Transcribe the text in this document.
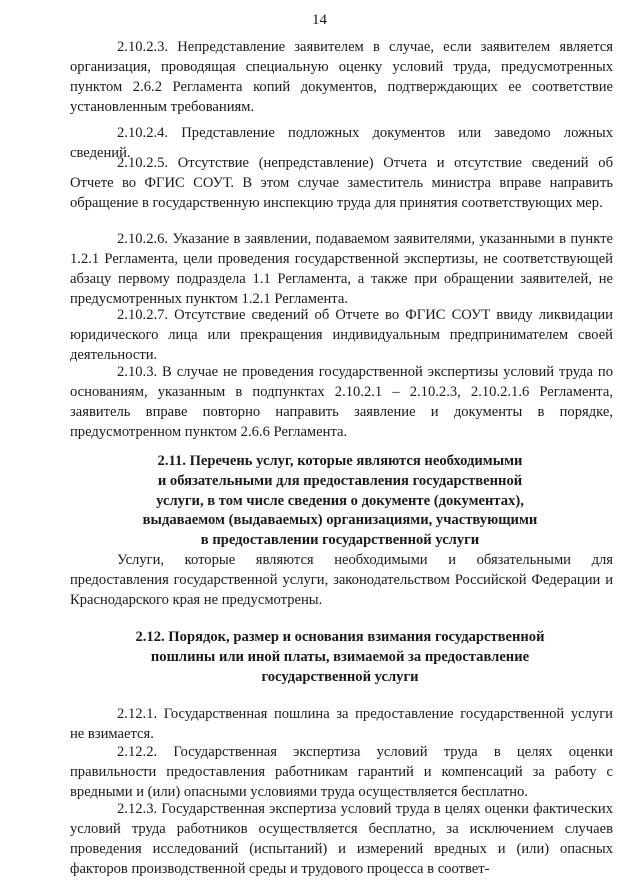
14

2.10.2.3. Непредставление заявителем в случае, если заявителем является организация, проводящая специальную оценку условий труда, предусмотренных пунктом 2.6.2 Регламента копий документов, подтверждающих ее соответствие установленным требованиям.

2.10.2.4. Представление подложных документов или заведомо ложных сведений.

2.10.2.5. Отсутствие (непредставление) Отчета и отсутствие сведений об Отчете во ФГИС СОУТ. В этом случае заместитель министра вправе направить обращение в государственную инспекцию труда для принятия соответствующих мер.

2.10.2.6. Указание в заявлении, подаваемом заявителями, указанными в пункте 1.2.1 Регламента, цели проведения государственной экспертизы, не соответствующей абзацу первому подраздела 1.1 Регламента, а также при обращении заявителей, не предусмотренных пунктом 1.2.1 Регламента.

2.10.2.7. Отсутствие сведений об Отчете во ФГИС СОУТ ввиду ликвидации юридического лица или прекращения индивидуальным предпринимателем своей деятельности.

2.10.3. В случае не проведения государственной экспертизы условий труда по основаниям, указанным в подпунктах 2.10.2.1 – 2.10.2.3, 2.10.2.1.6 Регламента, заявитель вправе повторно направить заявление и документы в порядке, предусмотренном пунктом 2.6.6 Регламента.

2.11. Перечень услуг, которые являются необходимыми
и обязательными для предоставления государственной
услуги, в том числе сведения о документе (документах),
выдаваемом (выдаваемых) организациями, участвующими
в предоставлении государственной услуги

Услуги, которые являются необходимыми и обязательными для предоставления государственной услуги, законодательством Российской Федерации и Краснодарского края не предусмотрены.

2.12. Порядок, размер и основания взимания государственной
пошлины или иной платы, взимаемой за предоставление
государственной услуги

2.12.1. Государственная пошлина за предоставление государственной услуги не взимается.

2.12.2. Государственная экспертиза условий труда в целях оценки правильности предоставления работникам гарантий и компенсаций за работу с вредными и (или) опасными условиями труда осуществляется бесплатно.

2.12.3. Государственная экспертиза условий труда в целях оценки фактических условий труда работников осуществляется бесплатно, за исключением случаев проведения исследований (испытаний) и измерений вредных и (или) опасных факторов производственной среды и трудового процесса в соответ-
